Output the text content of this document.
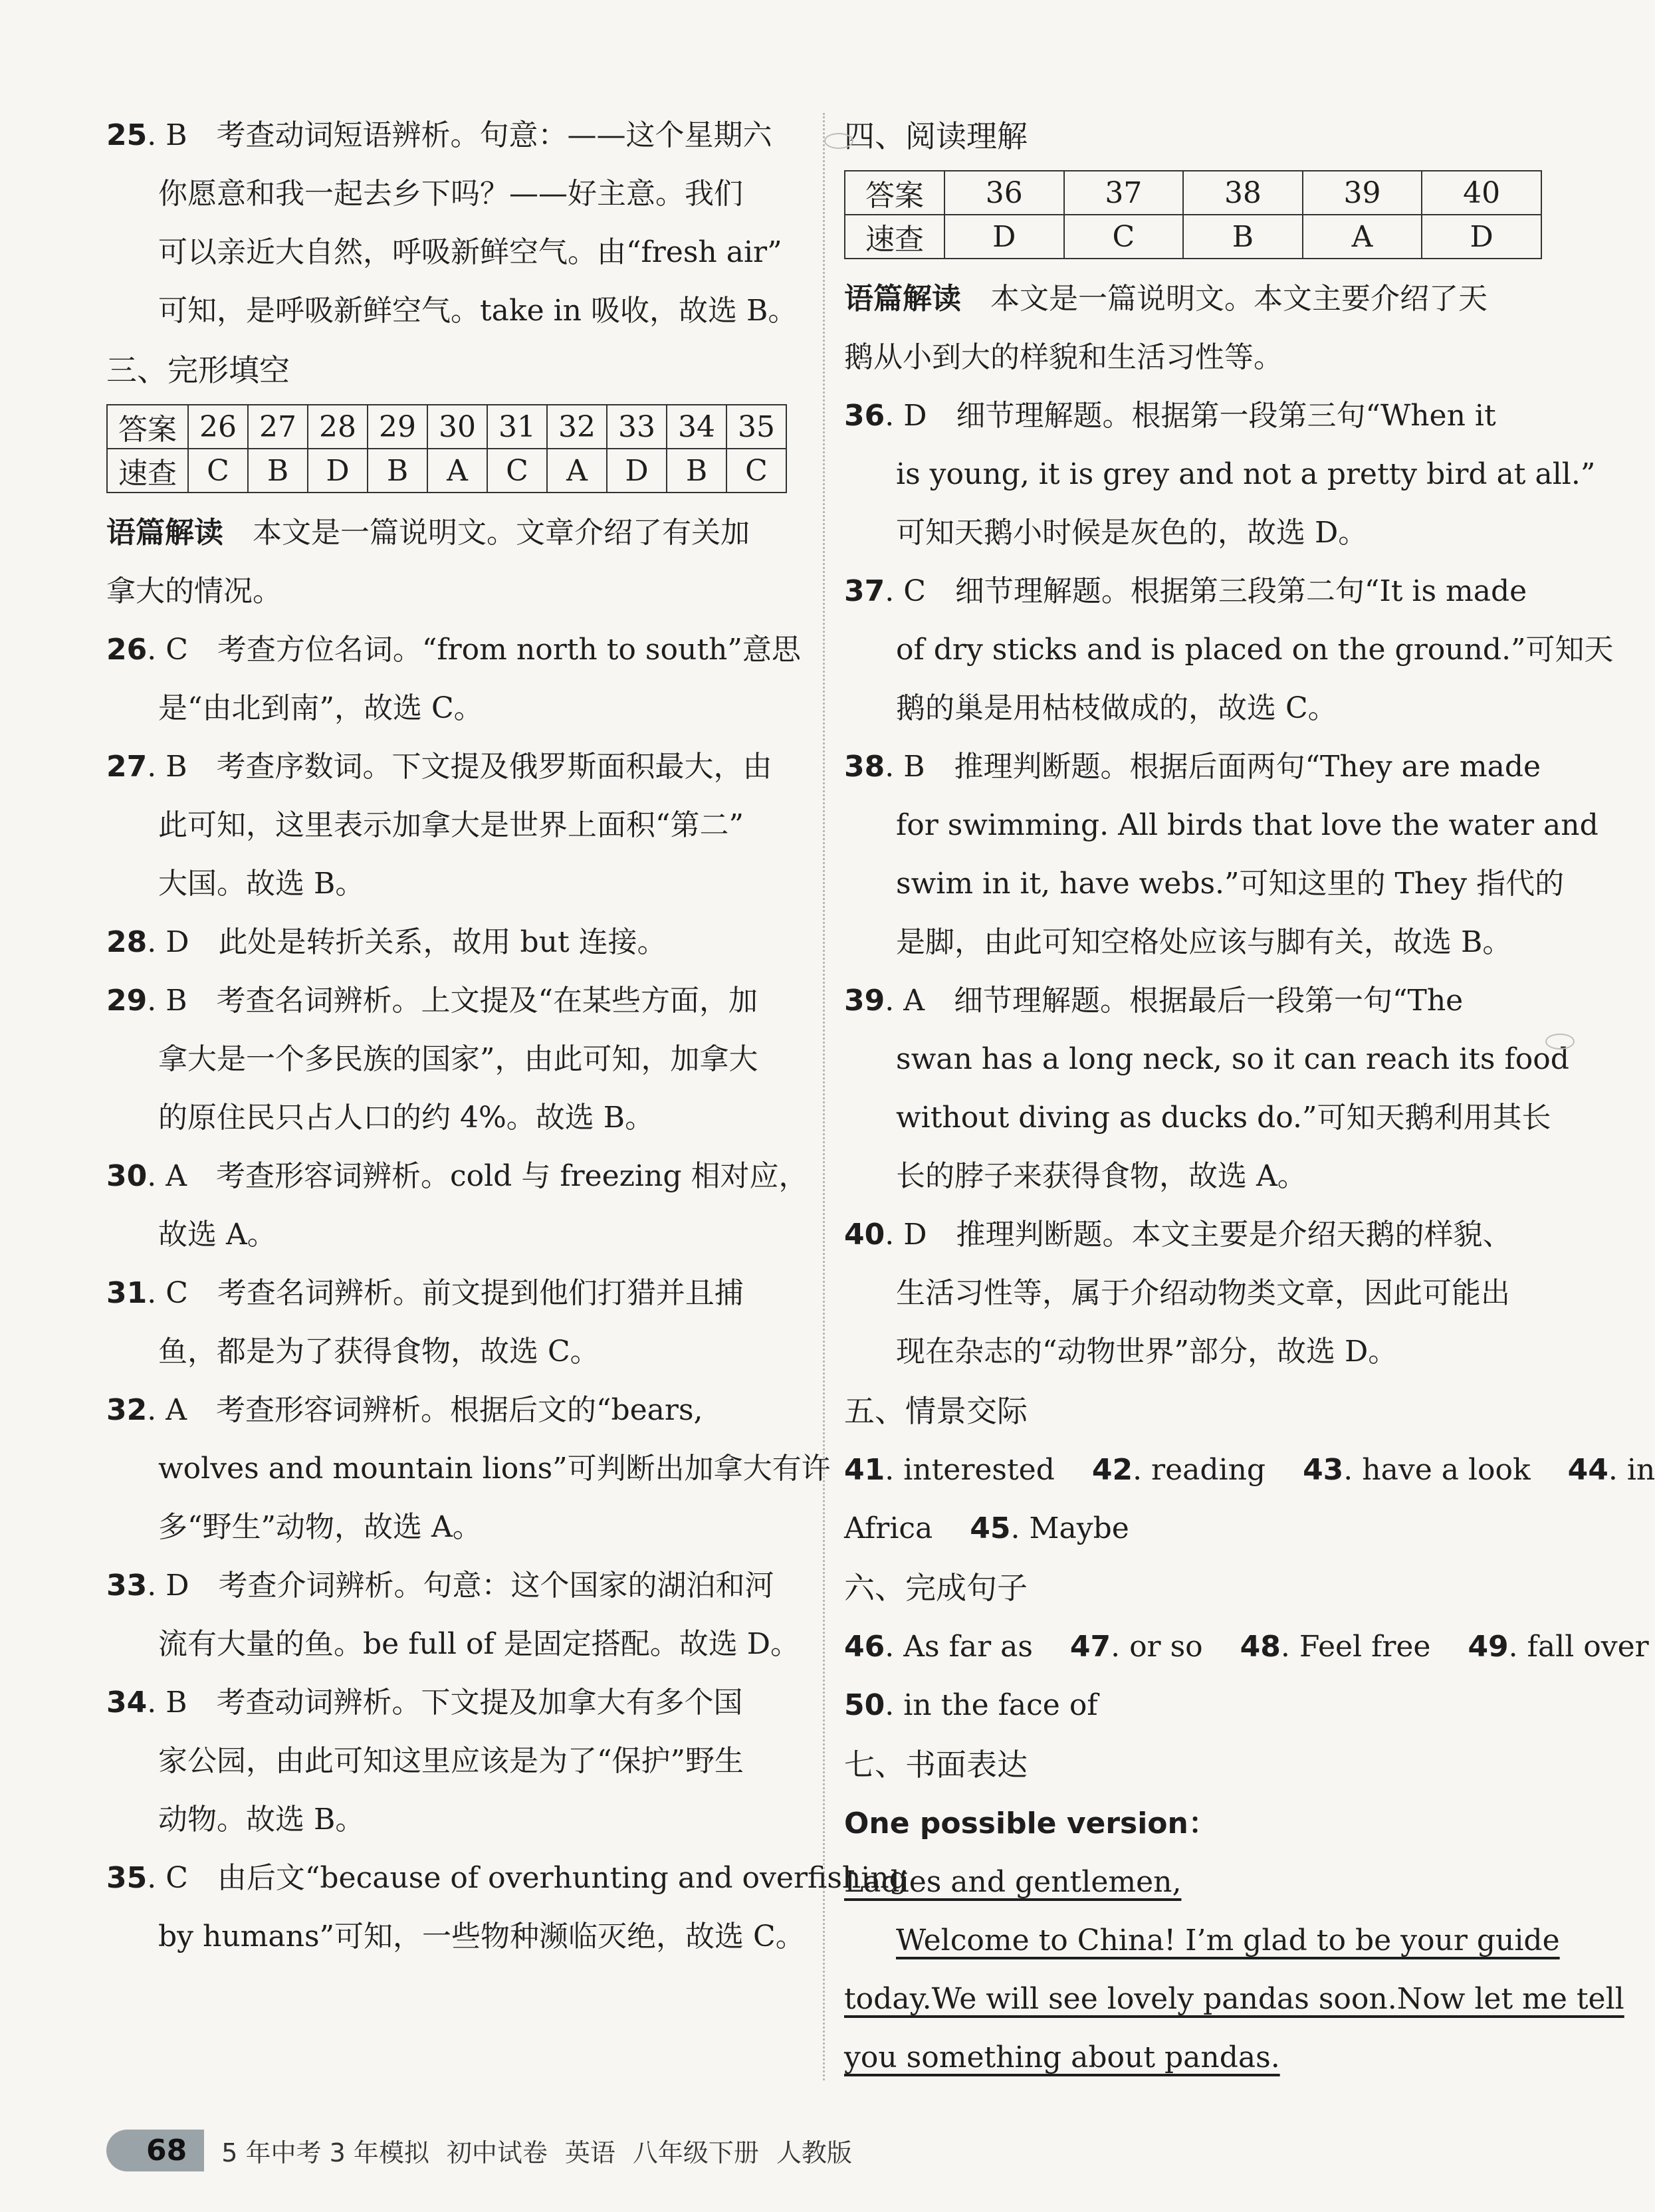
25. B　考查动词短语辨析。句意：——这个星期六
你愿意和我一起去乡下吗？——好主意。我们
可以亲近大自然，呼吸新鲜空气。由“fresh air”
可知，是呼吸新鲜空气。take in 吸收，故选 B。
三、完形填空
答案	26	27	28	29	30	31	32	33	34	35
速查	C	B	D	B	A	C	A	D	B	C
语篇解读　本文是一篇说明文。文章介绍了有关加
拿大的情况。
26. C　考查方位名词。“from north to south”意思
是“由北到南”，故选 C。
27. B　考查序数词。下文提及俄罗斯面积最大，由
此可知，这里表示加拿大是世界上面积“第二”
大国。故选 B。
28. D　此处是转折关系，故用 but 连接。
29. B　考查名词辨析。上文提及“在某些方面，加
拿大是一个多民族的国家”，由此可知，加拿大
的原住民只占人口的约 4%。故选 B。
30. A　考查形容词辨析。cold 与 freezing 相对应，
故选 A。
31. C　考查名词辨析。前文提到他们打猎并且捕
鱼，都是为了获得食物，故选 C。
32. A　考查形容词辨析。根据后文的“bears,
wolves and mountain lions”可判断出加拿大有许
多“野生”动物，故选 A。
33. D　考查介词辨析。句意：这个国家的湖泊和河
流有大量的鱼。be full of 是固定搭配。故选 D。
34. B　考查动词辨析。下文提及加拿大有多个国
家公园，由此可知这里应该是为了“保护”野生
动物。故选 B。
35. C　由后文“because of overhunting and overfishing
by humans”可知，一些物种濒临灭绝，故选 C。
四、阅读理解
答案	36	37	38	39	40
速查	D	C	B	A	D
语篇解读　本文是一篇说明文。本文主要介绍了天
鹅从小到大的样貌和生活习性等。
36. D　细节理解题。根据第一段第三句“When it
is young, it is grey and not a pretty bird at all.”
可知天鹅小时候是灰色的，故选 D。
37. C　细节理解题。根据第三段第二句“It is made
of dry sticks and is placed on the ground.”可知天
鹅的巢是用枯枝做成的，故选 C。
38. B　推理判断题。根据后面两句“They are made
for swimming. All birds that love the water and
swim in it, have webs.”可知这里的 They 指代的
是脚，由此可知空格处应该与脚有关，故选 B。
39. A　细节理解题。根据最后一段第一句“The
swan has a long neck, so it can reach its food
without diving as ducks do.”可知天鹅利用其长
长的脖子来获得食物，故选 A。
40. D　推理判断题。本文主要是介绍天鹅的样貌、
生活习性等，属于介绍动物类文章，因此可能出
现在杂志的“动物世界”部分，故选 D。
五、情景交际
41. interested 42. reading 43. have a look 44. in
Africa 45. Maybe
六、完成句子
46. As far as 47. or so 48. Feel free 49. fall over
50. in the face of
七、书面表达
One possible version：
Ladies and gentlemen,
Welcome to China! I’m glad to be your guide
today.We will see lovely pandas soon.Now let me tell
you something about pandas.
68	5 年中考 3 年模拟 初中试卷 英语 八年级下册 人教版
